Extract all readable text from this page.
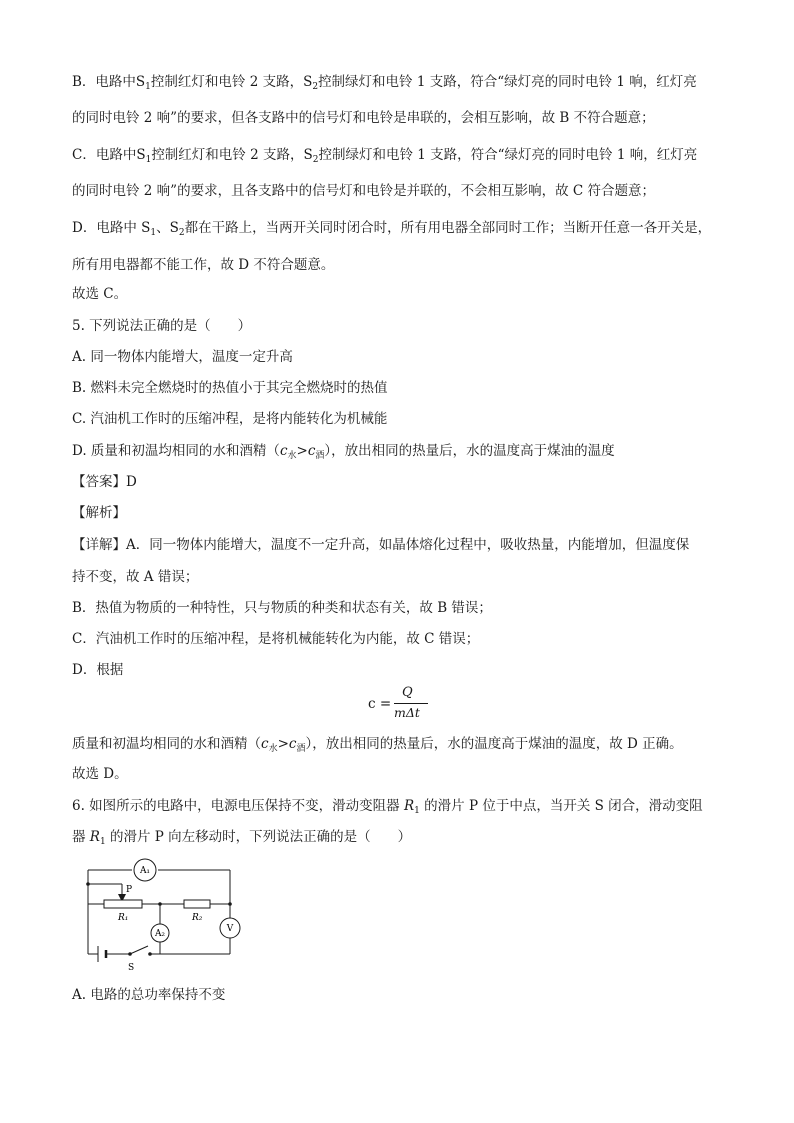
B．电路中$S_1$控制红灯和电铃 2 支路，$S_2$控制绿灯和电铃 1 支路，符合“绿灯亮的同时电铃 1 响，红灯亮
的同时电铃 2 响”的要求，但各支路中的信号灯和电铃是串联的，会相互影响，故 B 不符合题意；
C．电路中$S_1$控制红灯和电铃 2 支路，$S_2$控制绿灯和电铃 1 支路，符合“绿灯亮的同时电铃 1 响，红灯亮
的同时电铃 2 响”的要求，且各支路中的信号灯和电铃是并联的，不会相互影响，故 C 符合题意；
D．电路中 $S_1$、$S_2$都在干路上，当两开关同时闭合时，所有用电器全部同时工作；当断开任意一各开关是，
所有用电器都不能工作，故 D 不符合题意。
故选 C。
5. 下列说法正确的是（　　）
A. 同一物体内能增大，温度一定升高
B. 燃料未完全燃烧时的热值小于其完全燃烧时的热值
C. 汽油机工作时的压缩冲程，是将内能转化为机械能
D. 质量和初温均相同的水和酒精$(c_水>c_酒)$，放出相同的热量后，水的温度高于煤油的温度
【答案】D
【解析】
【详解】A．同一物体内能增大，温度不一定升高，如晶体熔化过程中，吸收热量，内能增加，但温度保
持不变，故 A 错误；
B．热值为物质的一种特性，只与物质的种类和状态有关，故 B 错误；
C．汽油机工作时的压缩冲程，是将机械能转化为内能，故 C 错误；
D．根据
c =
Q
mΔt
质量和初温均相同的水和酒精$(c_水>c_酒)$，放出相同的热量后，水的温度高于煤油的温度，故 D 正确。
故选 D。
6. 如图所示的电路中，电源电压保持不变，滑动变阻器 $R_1$ 的滑片 P 位于中点，当开关 S 闭合，滑动变阻
器 $R_1$ 的滑片 P 向左移动时，下列说法正确的是（　　）
A₁
A₂	V
P
R₁	R₂
S
A. 电路的总功率保持不变
